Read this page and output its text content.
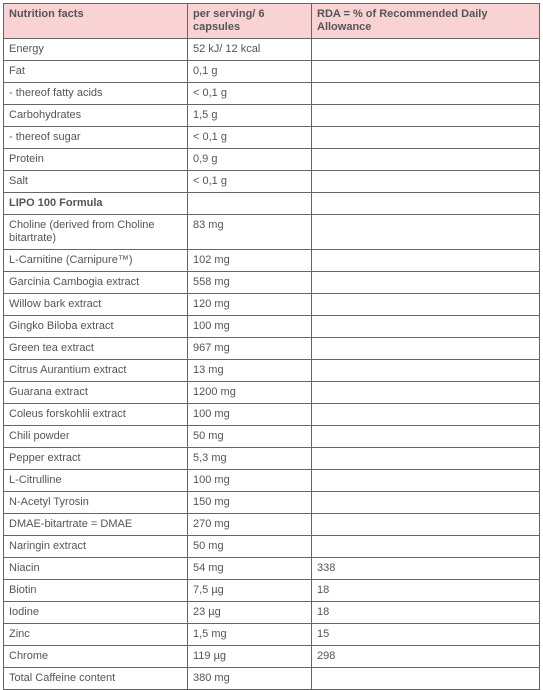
Nutrition facts	per serving/ 6 capsules	RDA = % of Recommended Daily Allowance
Energy	52 kJ/ 12 kcal	
Fat	0,1 g	
- thereof fatty acids	< 0,1 g	
Carbohydrates	1,5 g	
- thereof sugar	< 0,1 g	
Protein	0,9 g	
Salt	< 0,1 g	
LIPO 100 Formula		
Choline (derived from Choline bitartrate)	83 mg	
L-Carnitine (Carnipure™)	102 mg	
Garcinia Cambogia extract	558 mg	
Willow bark extract	120 mg	
Gingko Biloba extract	100 mg	
Green tea extract	967 mg	
Citrus Aurantium extract	13 mg	
Guarana extract	1200 mg	
Coleus forskohlii extract	100 mg	
Chili powder	50 mg	
Pepper extract	5,3 mg	
L-Citrulline	100 mg	
N-Acetyl Tyrosin	150 mg	
DMAE-bitartrate = DMAE	270 mg	
Naringin extract	50 mg	
Niacin	54 mg	338
Biotin	7,5 µg	18
Iodine	23 µg	18
Zinc	1,5 mg	15
Chrome	119 µg	298
Total Caffeine content	380 mg	
